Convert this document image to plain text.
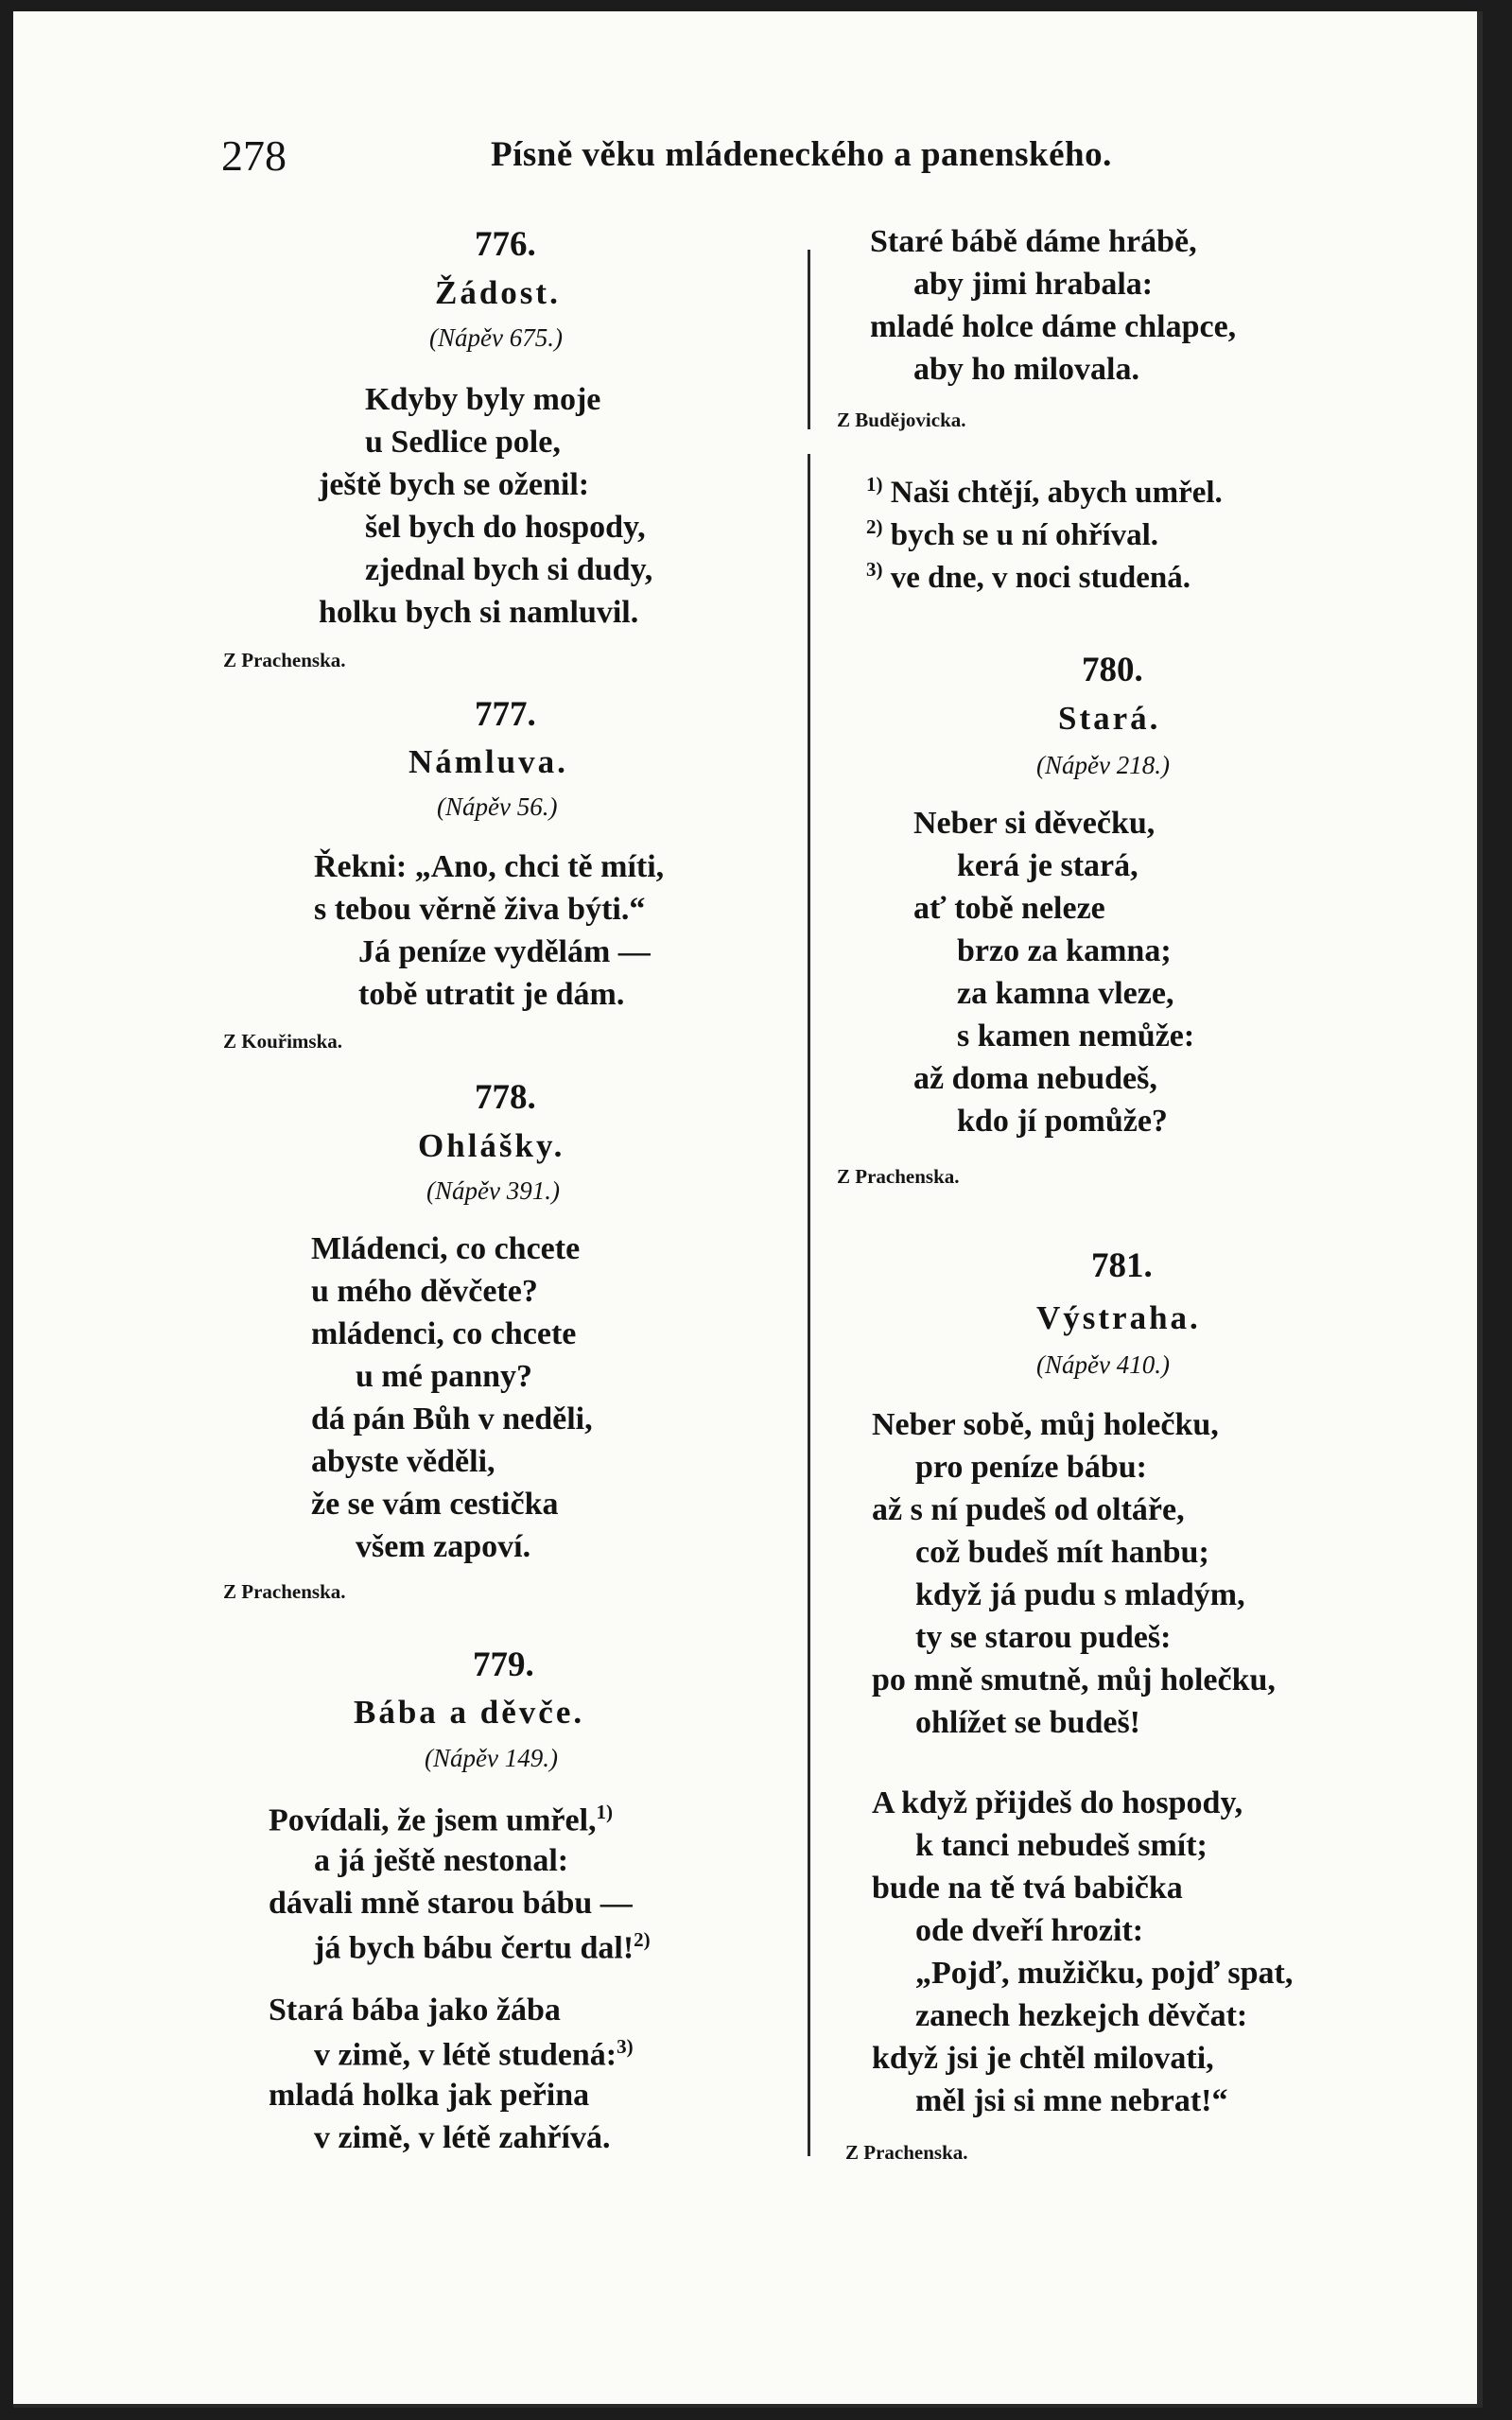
278	Písně věku mládeneckého a panenského.
776.
Žádost.
(Nápěv 675.)
Kdyby byly moje
u Sedlice pole,
ještě bych se oženil:
šel bych do hospody,
zjednal bych si dudy,
holku bych si namluvil.
Z Prachenska.
777.
Námluva.
(Nápěv 56.)
Řekni: „Ano, chci tě míti,
s tebou věrně živa býti.“
Já peníze vydělám —
tobě utratit je dám.
Z Kouřimska.
778.
Ohlášky.
(Nápěv 391.)
Mládenci, co chcete
u mého děvčete?
mládenci, co chcete
u mé panny?
dá pán Bůh v neděli,
abyste věděli,
že se vám cestička
všem zapoví.
Z Prachenska.
779.
Bába a děvče.
(Nápěv 149.)
Povídali, že jsem umřel,$^{1)}$
a já ještě nestonal:
dávali mně starou bábu —
já bych bábu čertu dal!$^{2)}$
Stará bába jako žába
v zimě, v létě studená:$^{3)}$
mladá holka jak peřina
v zimě, v létě zahřívá.
Staré bábě dáme hrábě,
aby jimi hrabala:
mladé holce dáme chlapce,
aby ho milovala.
Z Budějovicka.
$^{1)}$ Naši chtějí, abych umřel.
$^{2)}$ bych se u ní ohříval.
$^{3)}$ ve dne, v noci studená.
780.
Stará.
(Nápěv 218.)
Neber si děvečku,
kerá je stará,
ať tobě neleze
brzo za kamna;
za kamna vleze,
s kamen nemůže:
až doma nebudeš,
kdo jí pomůže?
Z Prachenska.
781.
Výstraha.
(Nápěv 410.)
Neber sobě, můj holečku,
pro peníze bábu:
až s ní pudeš od oltáře,
což budeš mít hanbu;
když já pudu s mladým,
ty se starou pudeš:
po mně smutně, můj holečku,
ohlížet se budeš!
A když přijdeš do hospody,
k tanci nebudeš smít;
bude na tě tvá babička
ode dveří hrozit:
„Pojď, mužičku, pojď spat,
zanech hezkejch děvčat:
když jsi je chtěl milovati,
měl jsi si mne nebrat!“
Z Prachenska.
